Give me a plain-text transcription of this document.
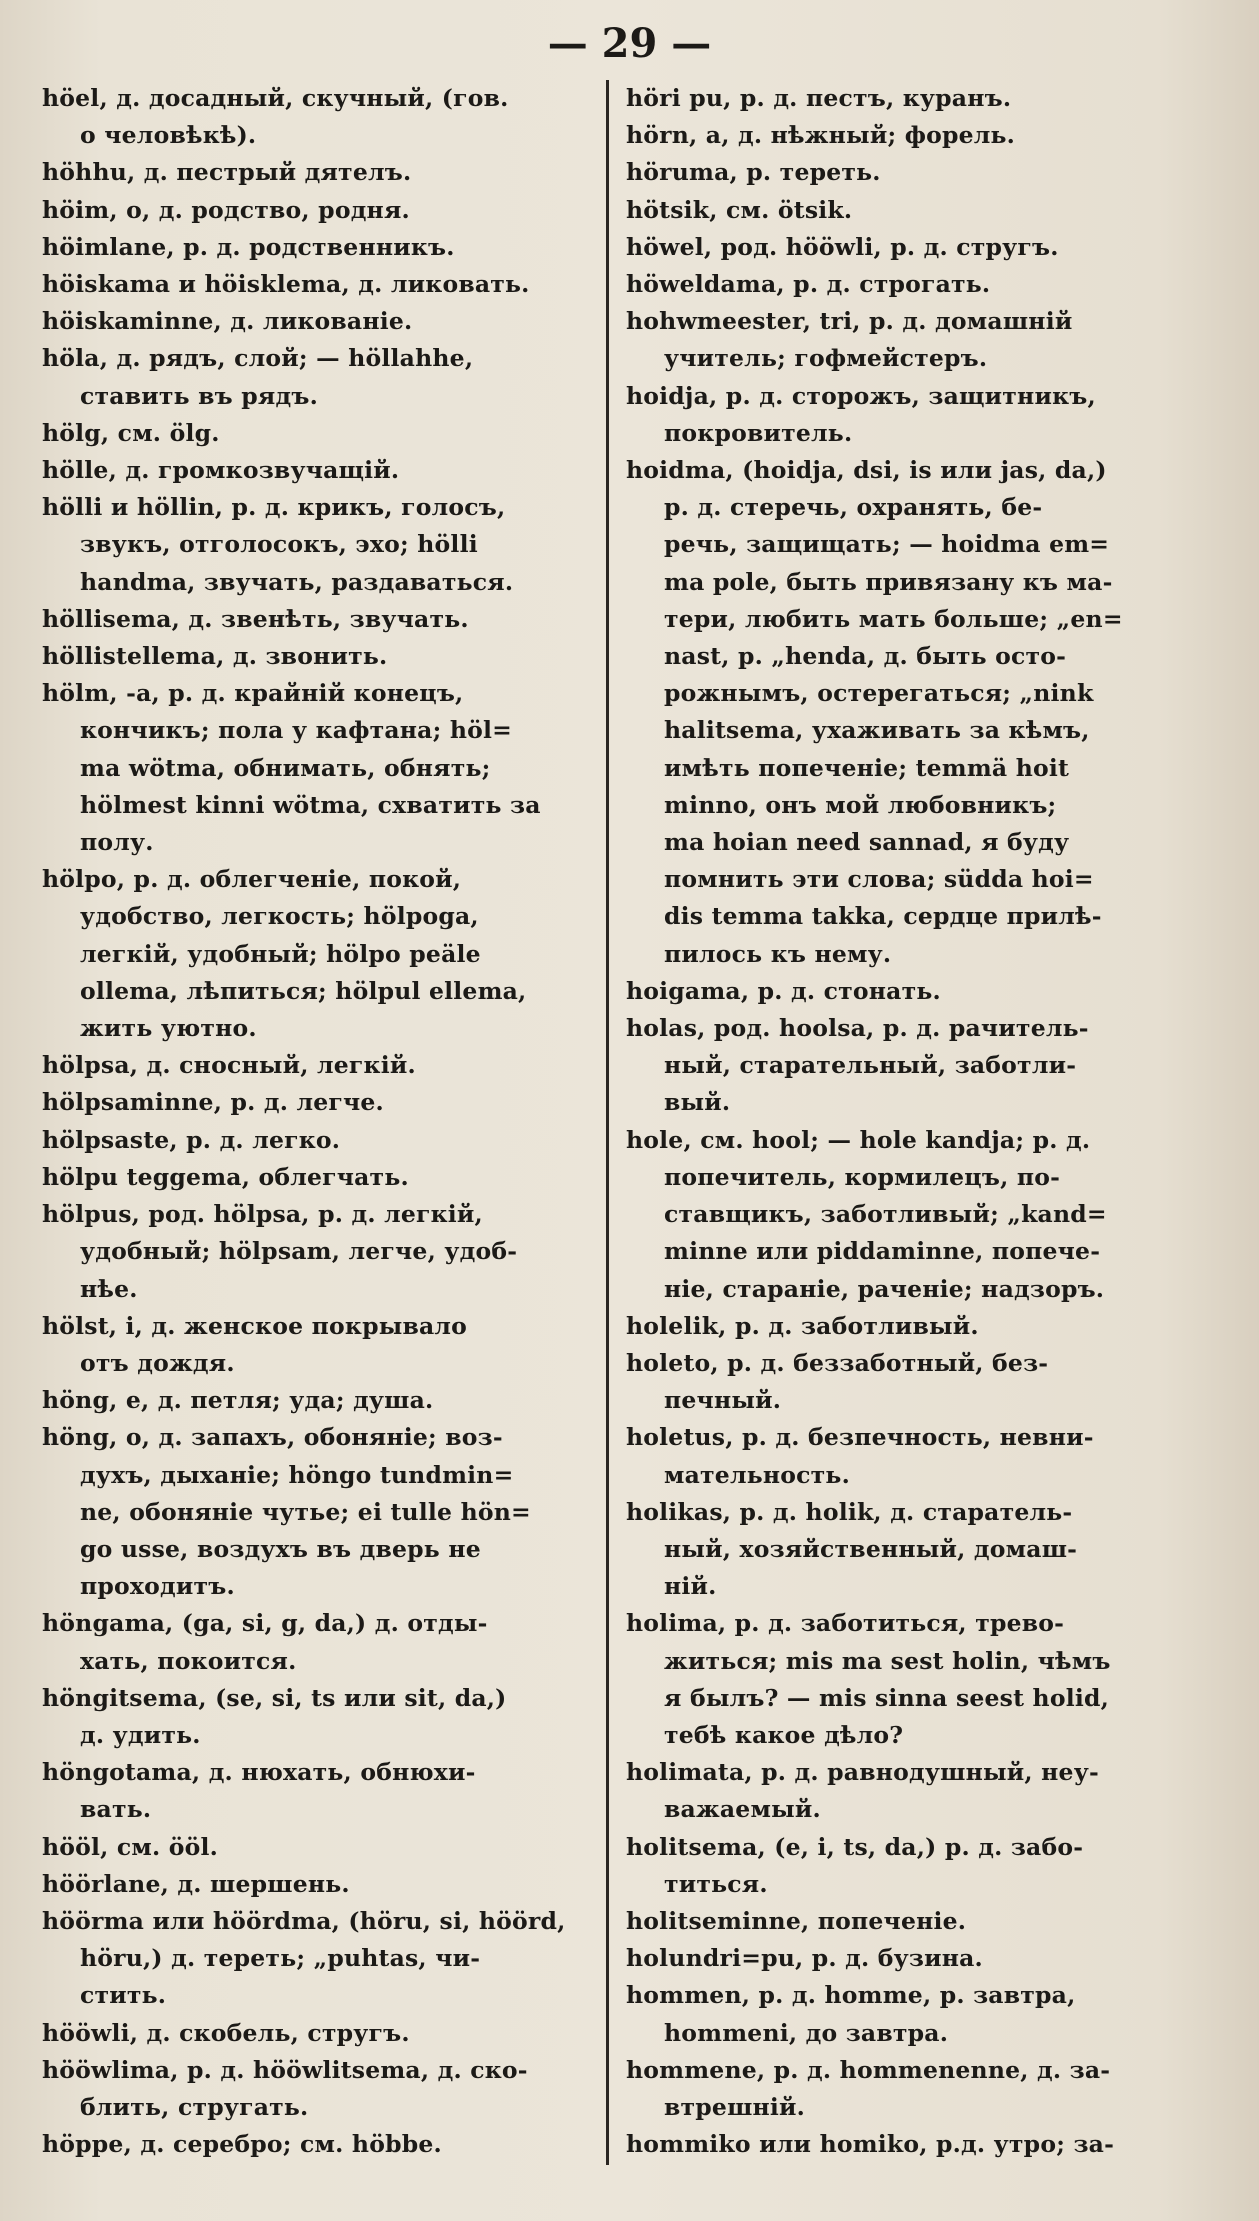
— 29 —
hӧel, д. досадный, скучный, (гов.
о человѣкѣ).
hӧhhu, д. пестрый дятелъ.
hӧim, o, д. родство, родня.
hӧimlane, р. д. родственникъ.
hӧiskama и hӧisklema, д. ликовать.
hӧiskaminne, д. ликованіе.
hӧla, д. рядъ, слой; — hӧllahhe,
ставить въ рядъ.
hӧlg, см. ӧlg.
hӧlle, д. громкозвучащій.
hӧlli и hӧllin, р. д. крикъ, голосъ,
звукъ, отголосокъ, эхо; hӧlli
handma, звучать, раздаваться.
hӧllisema, д. звенѣть, звучать.
hӧllistellema, д. звонить.
hӧlm, -a, р. д. крайній конецъ,
кончикъ; пола у кафтана; hӧl=
ma wӧtma, обнимать, обнять;
hӧlmest kinni wӧtma, схватить за
полу.
hӧlpo, р. д. облегченіе, покой,
удобство, легкость; hӧlpoga,
легкій, удобный; hӧlpo peäle
ollema, лѣпиться; hӧlpul ellema,
жить уютно.
hӧlpsa, д. сносный, легкій.
hӧlpsaminne, р. д. легче.
hӧlpsaste, р. д. легко.
hӧlpu teggema, облегчать.
hӧlpus, род. hӧlpsa, р. д. легкій,
удобный; hӧlpsam, легче, удоб-
нѣе.
hӧlst, i, д. женское покрывало
отъ дождя.
hӧng, e, д. петля; уда; душа.
hӧng, o, д. запахъ, обоняніе; воз-
духъ, дыханіе; hӧngo tundmin=
ne, обоняніе чутье; ei tulle hӧn=
go usse, воздухъ въ дверь не
проходитъ.
hӧngama, (ga, si, g, da,) д. отды-
хать, покоится.
hӧngitsema, (se, si, ts или sit, da,)
д. удить.
hӧngotama, д. нюхать, обнюхи-
вать.
hӧӧl, см. ӧӧl.
hӧӧrlane, д. шершень.
hӧӧrma или hӧӧrdma, (hӧru, si, hӧӧrd,
hӧru,) д. тереть; „puhtas, чи-
стить.
hӧӧwli, д. скобель, стругъ.
hӧӧwlima, р. д. hӧӧwlitsema, д. ско-
блить, стругать.
hӧppe, д. серебро; см. hӧbbe.
hӧri pu, р. д. пестъ, куранъ.
hӧrn, a, д. нѣжный; форель.
hӧruma, р. тереть.
hӧtsik, см. ӧtsik.
hӧwel, род. hӧӧwli, р. д. стругъ.
hӧweldama, р. д. строгать.
hohwmeester, tri, р. д. домашній
учитель; гофмейстеръ.
hoidja, р. д. сторожъ, защитникъ,
покровитель.
hoidma, (hoidja, dsi, is или jas, da,)
р. д. стеречь, охранять, бе-
речь, защищать; — hoidma em=
ma pole, быть привязану къ ма-
тери, любить мать больше; „en=
nast, р. „henda, д. быть осто-
рожнымъ, остерегаться; „nink
halitsema, ухаживать за кѣмъ,
имѣть попеченіе; temmä hoit
minno, онъ мой любовникъ;
ma hoian need sannad, я буду
помнить эти слова; südda hoi=
dis temma takka, сердце прилѣ-
пилось къ нему.
hoigama, р. д. стонать.
holas, род. hoolsa, р. д. рачитель-
ный, старательный, заботли-
вый.
hole, см. hool; — hole kandja; р. д.
попечитель, кормилецъ, по-
ставщикъ, заботливый; „kand=
minne или piddaminne, попече-
ніе, стараніе, раченіе; надзоръ.
holelik, р. д. заботливый.
holeto, р. д. беззаботный, без-
печный.
holetus, р. д. безпечность, невни-
мательность.
holikas, р. д. holik, д. старатель-
ный, хозяйственный, домаш-
ній.
holima, р. д. заботиться, трево-
житься; mis ma sest holin, чѣмъ
я былъ? — mis sinna seest holid,
тебѣ какое дѣло?
holimata, р. д. равнодушный, неу-
важаемый.
holitsema, (e, i, ts, da,) р. д. забо-
титься.
holitseminne, попеченіе.
holundri=pu, р. д. бузина.
hommen, р. д. homme, р. завтра,
hommeni, до завтра.
hommene, р. д. hommenenne, д. за-
втрешній.
hommiko или homiko, р.д. утро; за-
